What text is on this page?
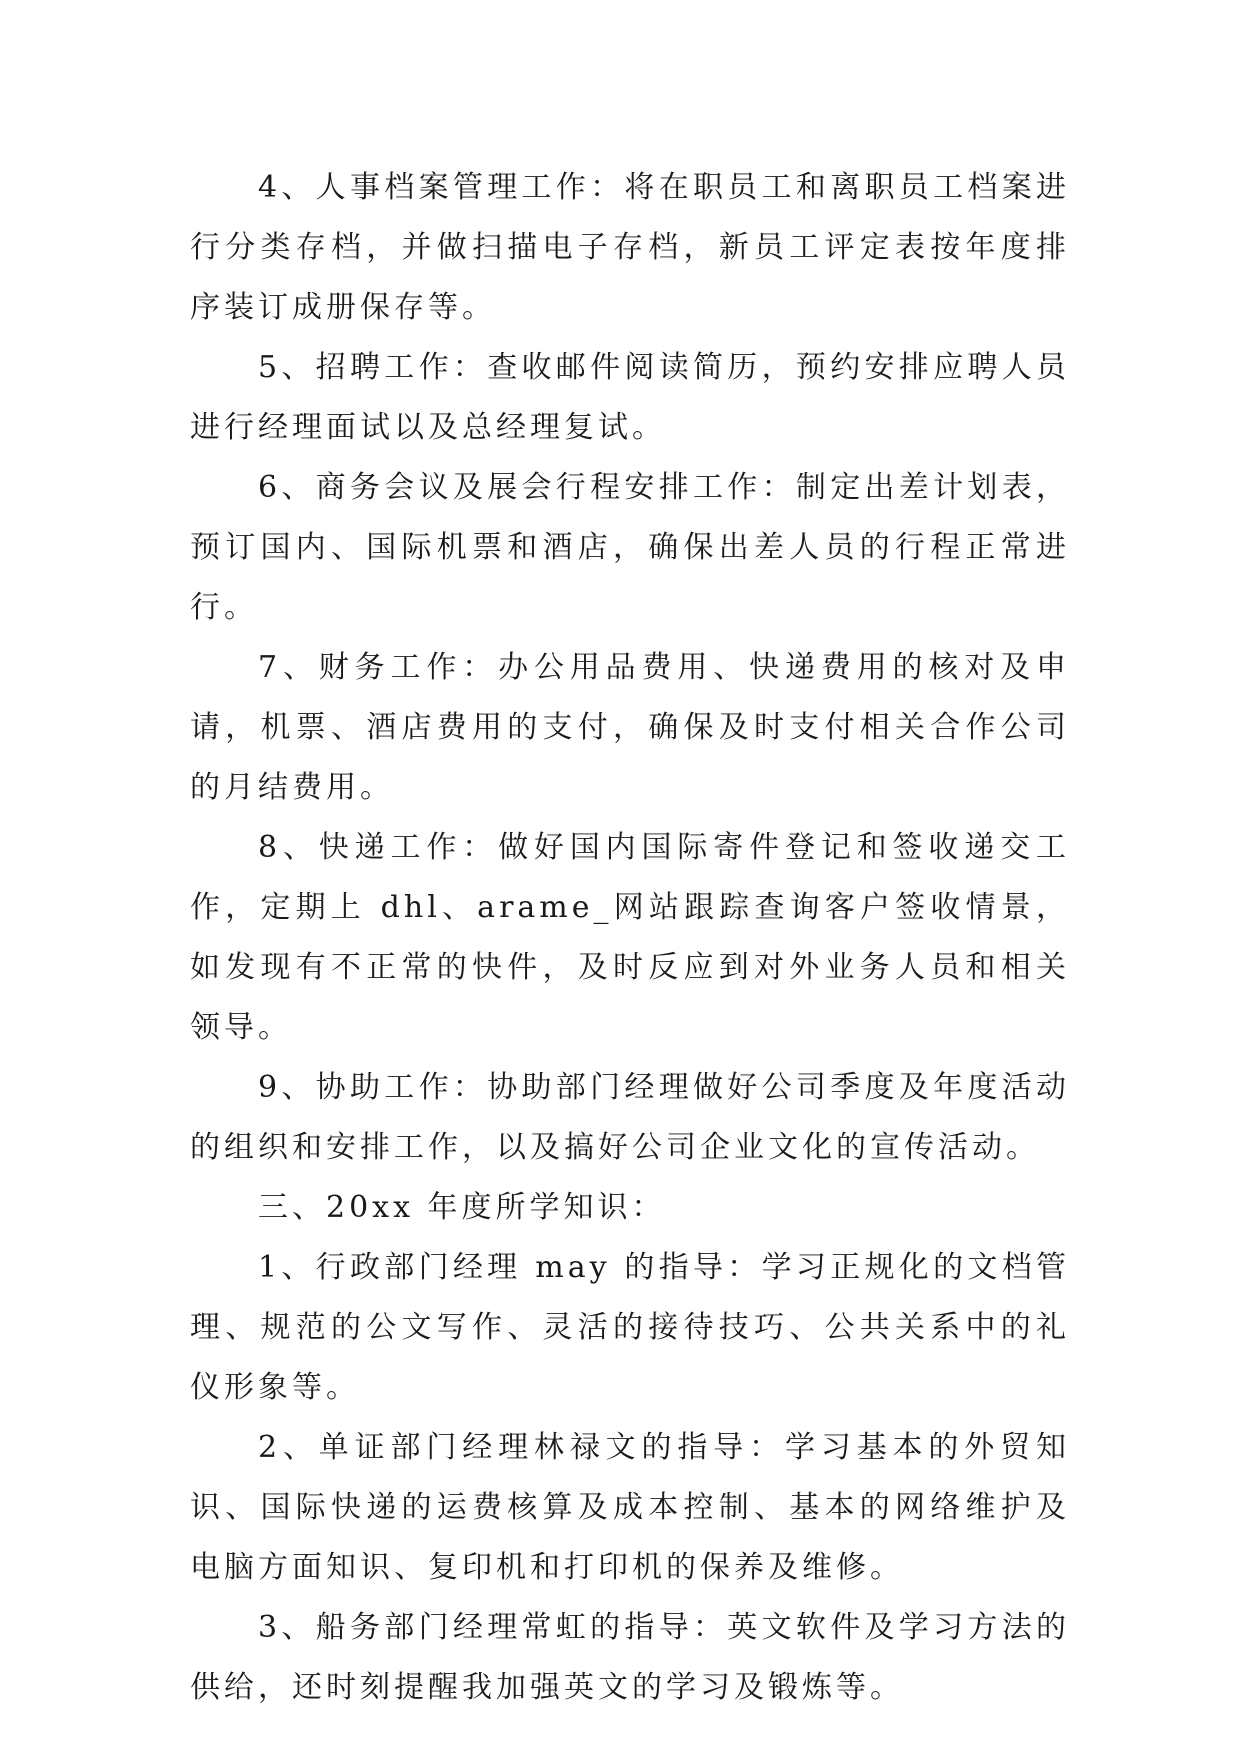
4、人事档案管理工作：将在职员工和离职员工档案进行分类存档，并做扫描电子存档，新员工评定表按年度排序装订成册保存等。

5、招聘工作：查收邮件阅读简历，预约安排应聘人员进行经理面试以及总经理复试。

6、商务会议及展会行程安排工作：制定出差计划表，预订国内、国际机票和酒店，确保出差人员的行程正常进行。

7、财务工作：办公用品费用、快递费用的核对及申请，机票、酒店费用的支付，确保及时支付相关合作公司的月结费用。

8、快递工作：做好国内国际寄件登记和签收递交工作，定期上 dhl、arame_网站跟踪查询客户签收情景，如发现有不正常的快件，及时反应到对外业务人员和相关领导。

9、协助工作：协助部门经理做好公司季度及年度活动的组织和安排工作，以及搞好公司企业文化的宣传活动。

三、20xx 年度所学知识：

1、行政部门经理 may 的指导：学习正规化的文档管理、规范的公文写作、灵活的接待技巧、公共关系中的礼仪形象等。

2、单证部门经理林禄文的指导：学习基本的外贸知识、国际快递的运费核算及成本控制、基本的网络维护及电脑方面知识、复印机和打印机的保养及维修。

3、船务部门经理常虹的指导：英文软件及学习方法的供给，还时刻提醒我加强英文的学习及锻炼等。
